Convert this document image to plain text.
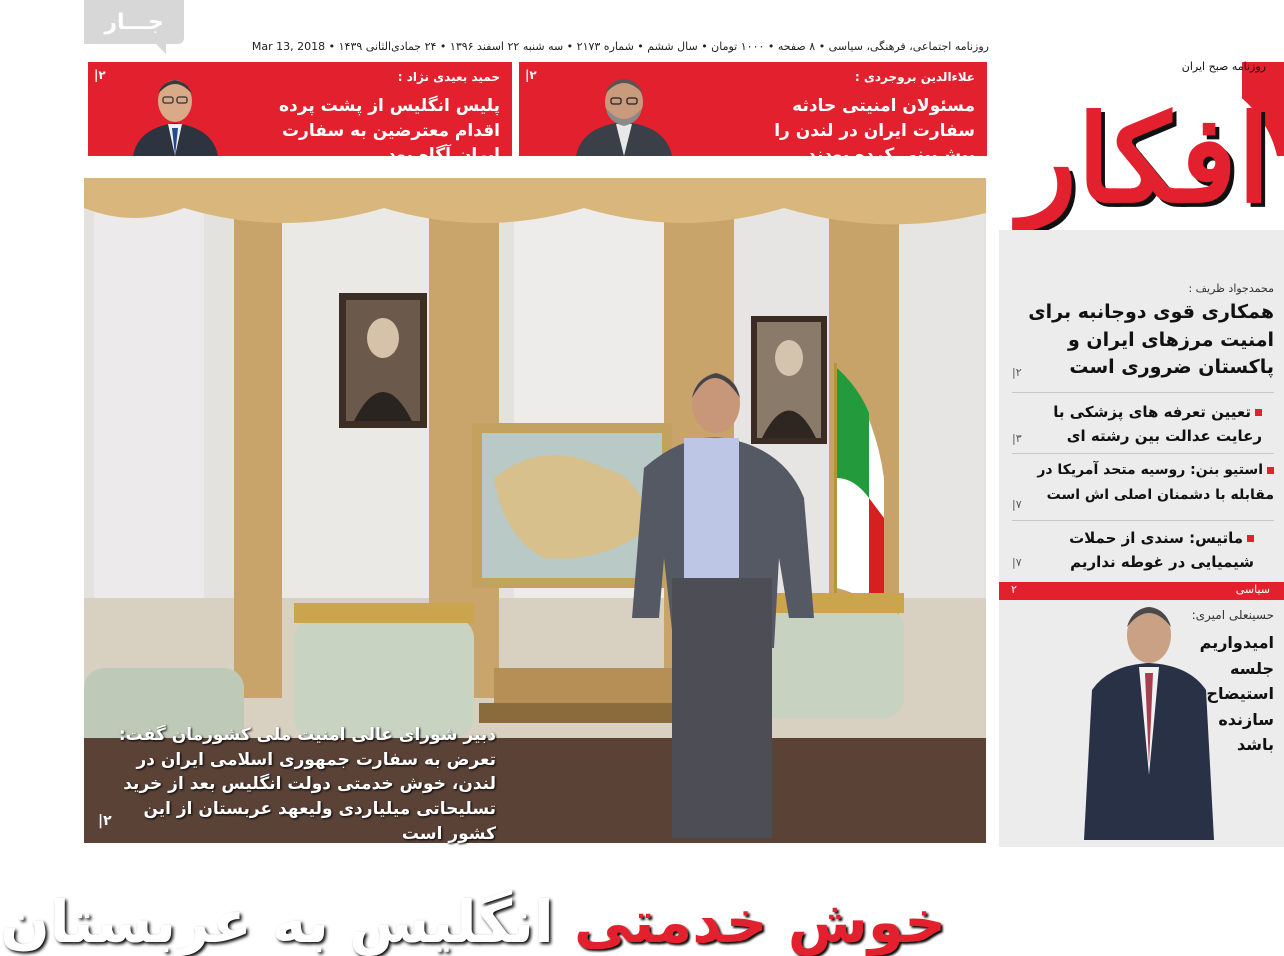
جـــار
روزنامه اجتماعی، فرهنگی، سیاسی • ۸ صفحه • ۱۰۰۰ تومان • سال ششم • شماره ۲۱۷۳ • سه شنبه ۲۲ اسفند ۱۳۹۶ • ۲۴ جمادی‌الثانی ۱۴۳۹ • Mar 13, 2018
حمید بعیدی نژاد :
پلیس انگلیس از پشت پرده اقدام معترضین به سفارت ایران آگاه بود
۲|	علاءالدین بروجردی :
مسئولان امنیتی حادثه سفارت ایران در لندن را پیش‌بینی کرده بودند
۲|
روزنامه صبح ایران
افکار
دبیر شورای عالی امنیت ملی کشورمان گفت: تعرض به سفارت جمهوری اسلامی ایران در لندن، خوش خدمتی دولت انگلیس بعد از خرید تسلیحاتی میلیاردی ولیعهد عربستان از این کشور است
خوش خدمتی انگلیس به عربستان
۲|
محمدجواد ظریف :
همکاری قوی دوجانبه برای امنیت مرزهای ایران و پاکستان ضروری است
۲|
تعیین تعرفه های پزشکی با رعایت عدالت بین رشته ای
۳|
استیو بنن: روسیه متحد آمریکا در مقابله با دشمنان اصلی اش است
۷|
ماتیس: سندی از حملات شیمیایی در غوطه نداریم
۷|
سیاسی
۲
حسینعلی امیری:
امیدواریم جلسه استیضاح سازنده باشد
